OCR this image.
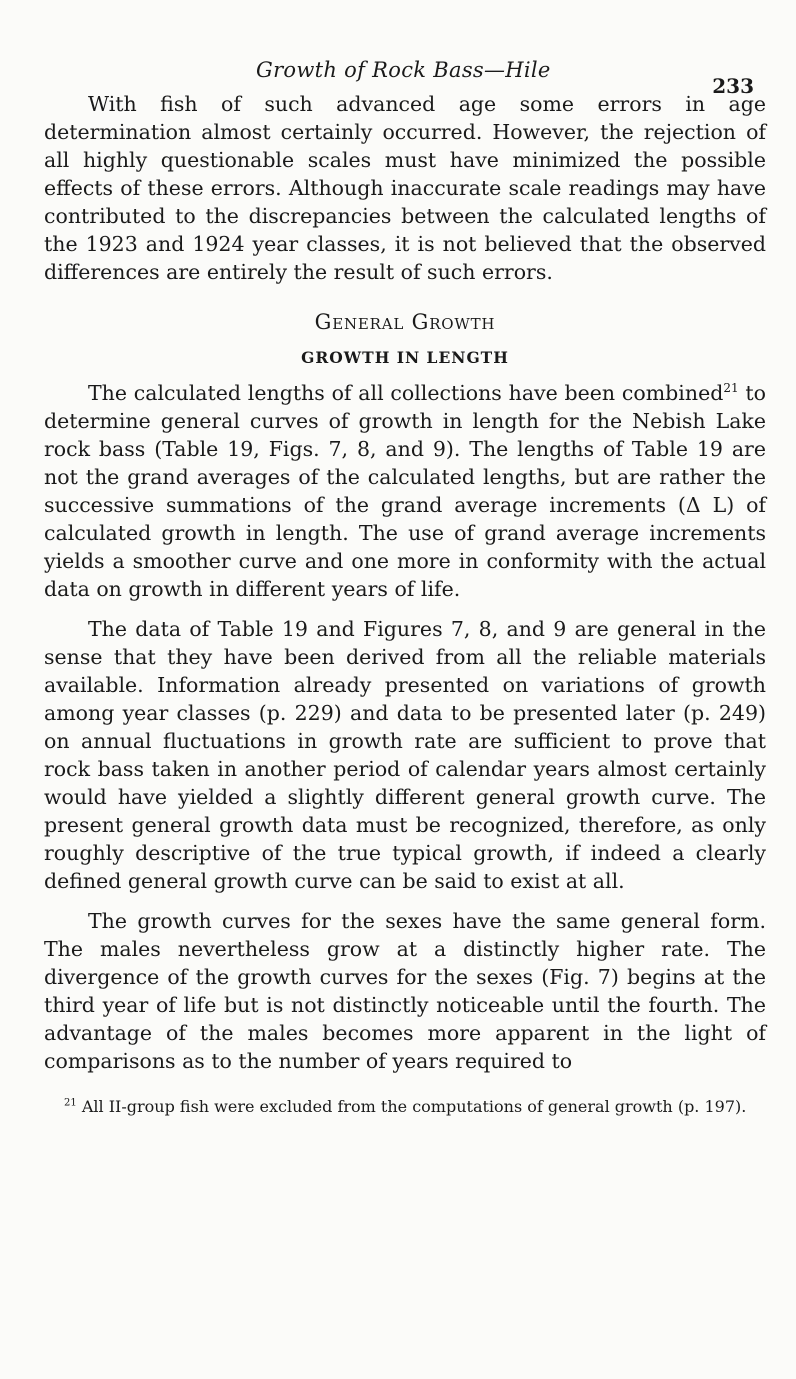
Growth of Rock Bass—Hile
233

With fish of such advanced age some errors in age determination almost certainly occurred. However, the rejection of all highly questionable scales must have minimized the possible effects of these errors. Although inaccurate scale readings may have contributed to the discrepancies between the calculated lengths of the 1923 and 1924 year classes, it is not believed that the observed differences are entirely the result of such errors.

General Growth
GROWTH IN LENGTH

The calculated lengths of all collections have been combined$^{21}$ to determine general curves of growth in length for the Nebish Lake rock bass (Table 19, Figs. 7, 8, and 9). The lengths of Table 19 are not the grand averages of the calculated lengths, but are rather the successive summations of the grand average increments (Δ L) of calculated growth in length. The use of grand average increments yields a smoother curve and one more in conformity with the actual data on growth in different years of life.

The data of Table 19 and Figures 7, 8, and 9 are general in the sense that they have been derived from all the reliable materials available. Information already presented on variations of growth among year classes (p. 229) and data to be presented later (p. 249) on annual fluctuations in growth rate are sufficient to prove that rock bass taken in another period of calendar years almost certainly would have yielded a slightly different general growth curve. The present general growth data must be recognized, therefore, as only roughly descriptive of the true typical growth, if indeed a clearly defined general growth curve can be said to exist at all.

The growth curves for the sexes have the same general form. The males nevertheless grow at a distinctly higher rate. The divergence of the growth curves for the sexes (Fig. 7) begins at the third year of life but is not distinctly noticeable until the fourth. The advantage of the males becomes more apparent in the light of comparisons as to the number of years required to

$^{21}$ All II-group fish were excluded from the computations of general growth (p. 197).
